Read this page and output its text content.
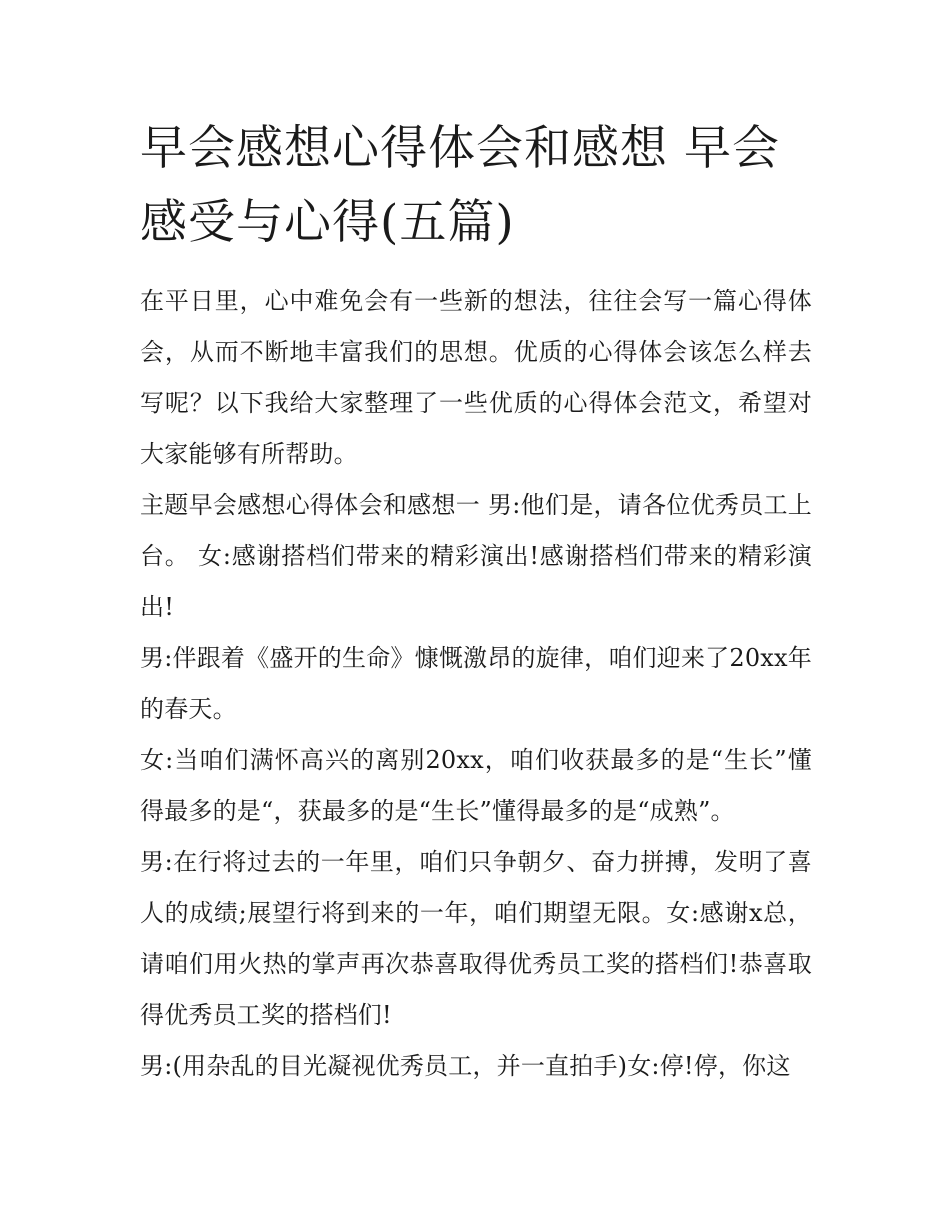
早会感想心得体会和感想 早会感受与心得(五篇)

在平日里，心中难免会有一些新的想法，往往会写一篇心得体会，从而不断地丰富我们的思想。优质的心得体会该怎么样去写呢？以下我给大家整理了一些优质的心得体会范文，希望对大家能够有所帮助。

主题早会感想心得体会和感想一 男:他们是，请各位优秀员工上台。 女:感谢搭档们带来的精彩演出!感谢搭档们带来的精彩演出!

男:伴跟着《盛开的生命》慷慨激昂的旋律，咱们迎来了20xx年的春天。

女:当咱们满怀高兴的离别20xx，咱们收获最多的是“生长”懂得最多的是“，获最多的是“生长”懂得最多的是“成熟”。

男:在行将过去的一年里，咱们只争朝夕、奋力拼搏，发明了喜人的成绩;展望行将到来的一年，咱们期望无限。女:感谢x总，请咱们用火热的掌声再次恭喜取得优秀员工奖的搭档们!恭喜取得优秀员工奖的搭档们!

男:(用杂乱的目光凝视优秀员工，并一直拍手)女:停!停，你这
